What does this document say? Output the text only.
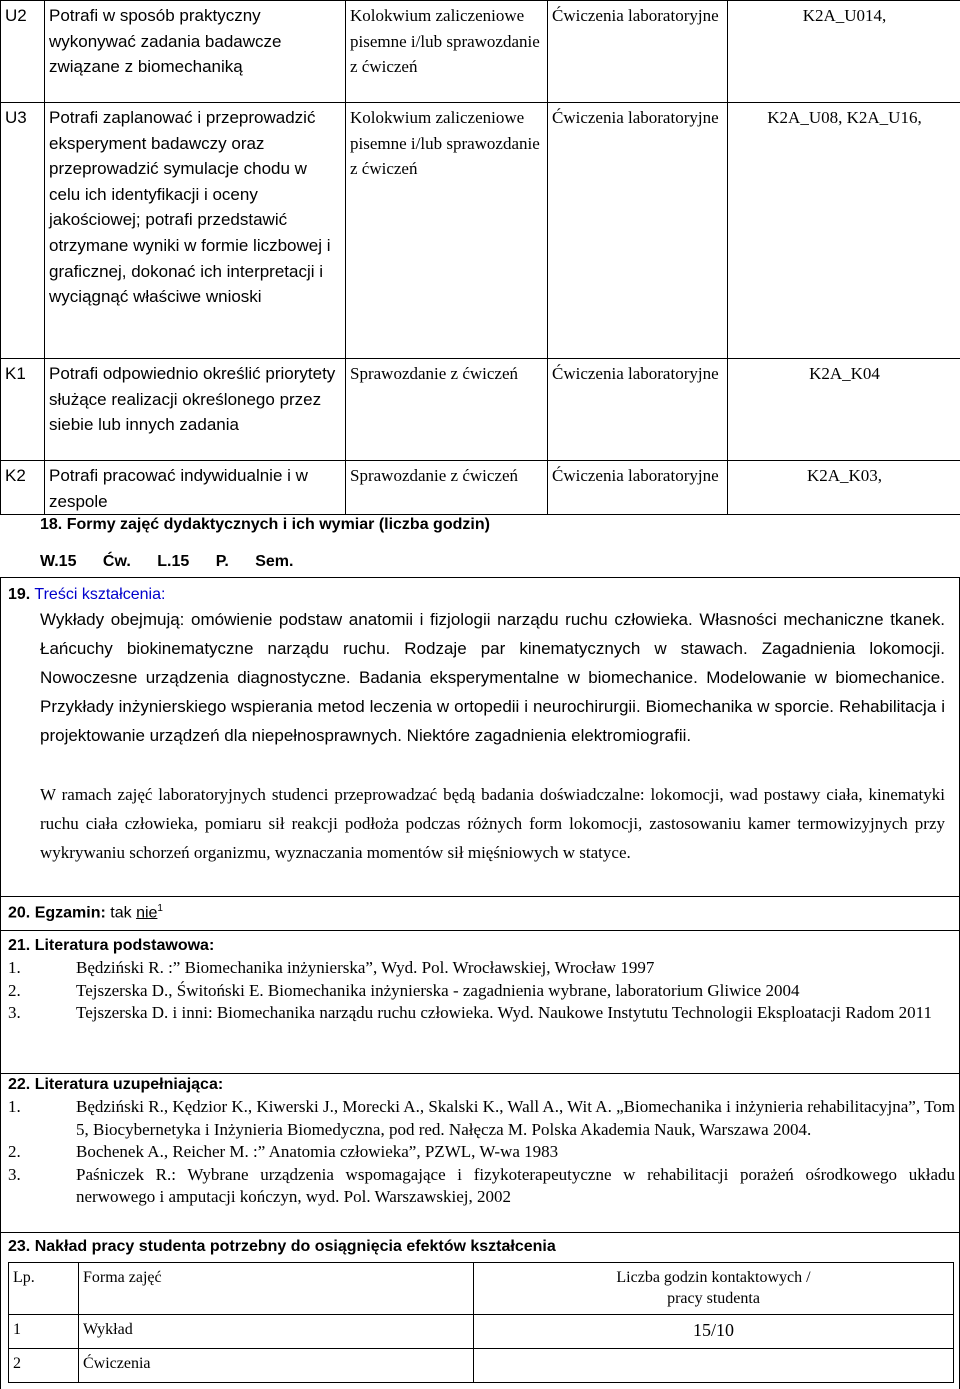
U2	Potrafi w sposób praktyczny wykonywać zadania badawcze związane z biomechaniką	Kolokwium zaliczeniowe pisemne i/lub sprawozdanie z ćwiczeń	Ćwiczenia laboratoryjne	K2A_U014,
U3	Potrafi zaplanować i przeprowadzić eksperyment badawczy oraz przeprowadzić symulacje chodu w celu ich identyfikacji i oceny jakościowej; potrafi przedstawić otrzymane wyniki w formie liczbowej i graficznej, dokonać ich interpretacji i wyciągnąć właściwe wnioski	Kolokwium zaliczeniowe pisemne i/lub sprawozdanie z ćwiczeń	Ćwiczenia laboratoryjne	K2A_U08, K2A_U16,
K1	Potrafi odpowiednio określić priorytety służące realizacji określonego przez siebie lub innych zadania	Sprawozdanie z ćwiczeń	Ćwiczenia laboratoryjne	K2A_K04
K2	Potrafi pracować indywidualnie i w zespole	Sprawozdanie z ćwiczeń	Ćwiczenia laboratoryjne	K2A_K03,
18. Formy zajęć dydaktycznych i ich wymiar (liczba godzin)
W.15 Ćw. L.15 P. Sem.
19. Treści kształcenia:
Wykłady obejmują: omówienie podstaw anatomii i fizjologii narządu ruchu człowieka. Własności mechaniczne tkanek. Łańcuchy biokinematyczne narządu ruchu. Rodzaje par kinematycznych w stawach. Zagadnienia lokomocji. Nowoczesne urządzenia diagnostyczne. Badania eksperymentalne w biomechanice. Modelowanie w biomechanice. Przykłady inżynierskiego wspierania metod leczenia w ortopedii i neurochirurgii. Biomechanika w sporcie. Rehabilitacja i projektowanie urządzeń dla niepełnosprawnych. Niektóre zagadnienia elektromiografii.
W ramach zajęć laboratoryjnych studenci przeprowadzać będą badania doświadczalne: lokomocji, wad postawy ciała, kinematyki ruchu ciała człowieka, pomiaru sił reakcji podłoża podczas różnych form lokomocji, zastosowaniu kamer termowizyjnych przy wykrywaniu schorzeń organizmu, wyznaczania momentów sił mięśniowych w statyce.
20. Egzamin: tak nie$^1$
21. Literatura podstawowa:
1.	Będziński R. :” Biomechanika inżynierska”, Wyd. Pol. Wrocławskiej, Wrocław 1997
2.	Tejszerska D., Świtoński E. Biomechanika inżynierska - zagadnienia wybrane, laboratorium Gliwice 2004
3.	Tejszerska D. i inni: Biomechanika narządu ruchu człowieka. Wyd. Naukowe Instytutu Technologii Eksploatacji Radom 2011
22. Literatura uzupełniająca:
1.	Będziński R., Kędzior K., Kiwerski J., Morecki A., Skalski K., Wall A., Wit A. „Biomechanika i inżynieria rehabilitacyjna”, Tom 5, Biocybernetyka i Inżynieria Biomedyczna, pod red. Nałęcza M. Polska Akademia Nauk, Warszawa 2004.
2.	Bochenek A., Reicher M. :” Anatomia człowieka”, PZWL, W-wa 1983
3.	Paśniczek R.: Wybrane urządzenia wspomagające i fizykoterapeutyczne w rehabilitacji porażeń ośrodkowego układu nerwowego i amputacji kończyn, wyd. Pol. Warszawskiej, 2002
23. Nakład pracy studenta potrzebny do osiągnięcia efektów kształcenia
Lp.	Forma zajęć	Liczba godzin kontaktowych / pracy studenta
1	Wykład	15/10
2	Ćwiczenia	
